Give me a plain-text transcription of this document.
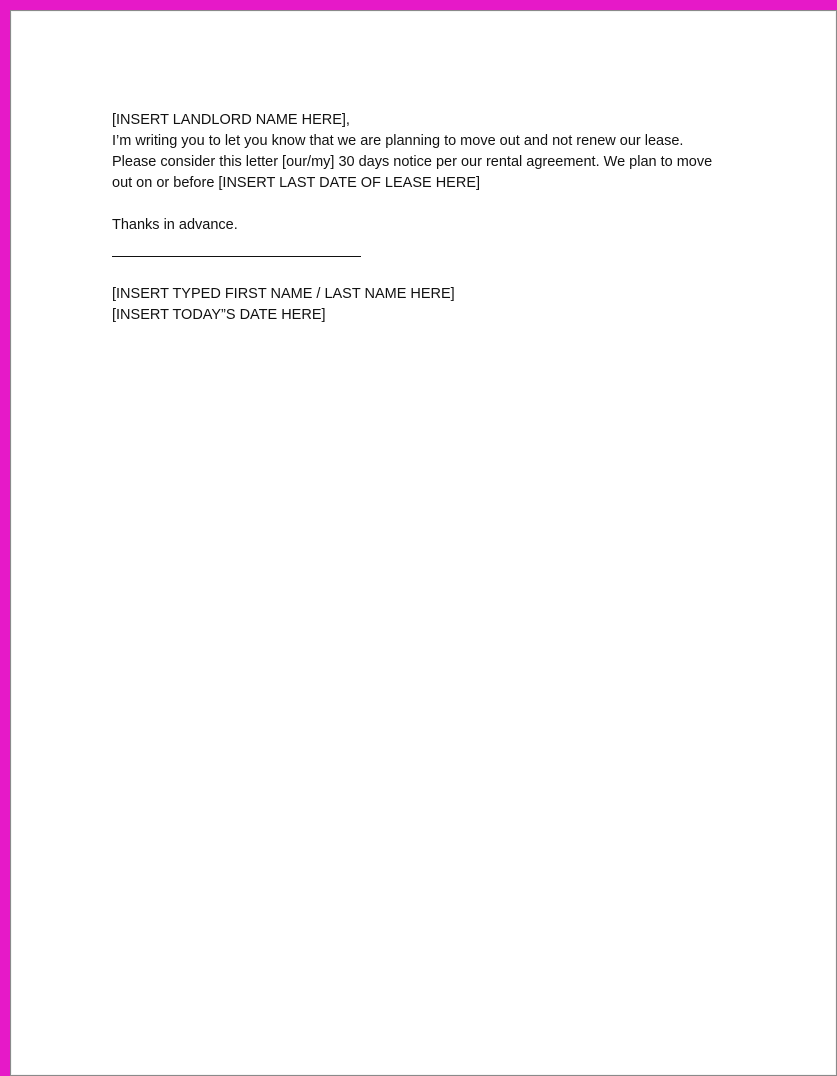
[INSERT LANDLORD NAME HERE],

I’m writing you to let you know that we are planning to move out and not renew our lease.

Please consider this letter [our/my] 30 days notice per our rental agreement. We plan to move

out on or before [INSERT LAST DATE OF LEASE HERE]

Thanks in advance.

[INSERT TYPED FIRST NAME / LAST NAME HERE]

[INSERT TODAY”S DATE HERE]
